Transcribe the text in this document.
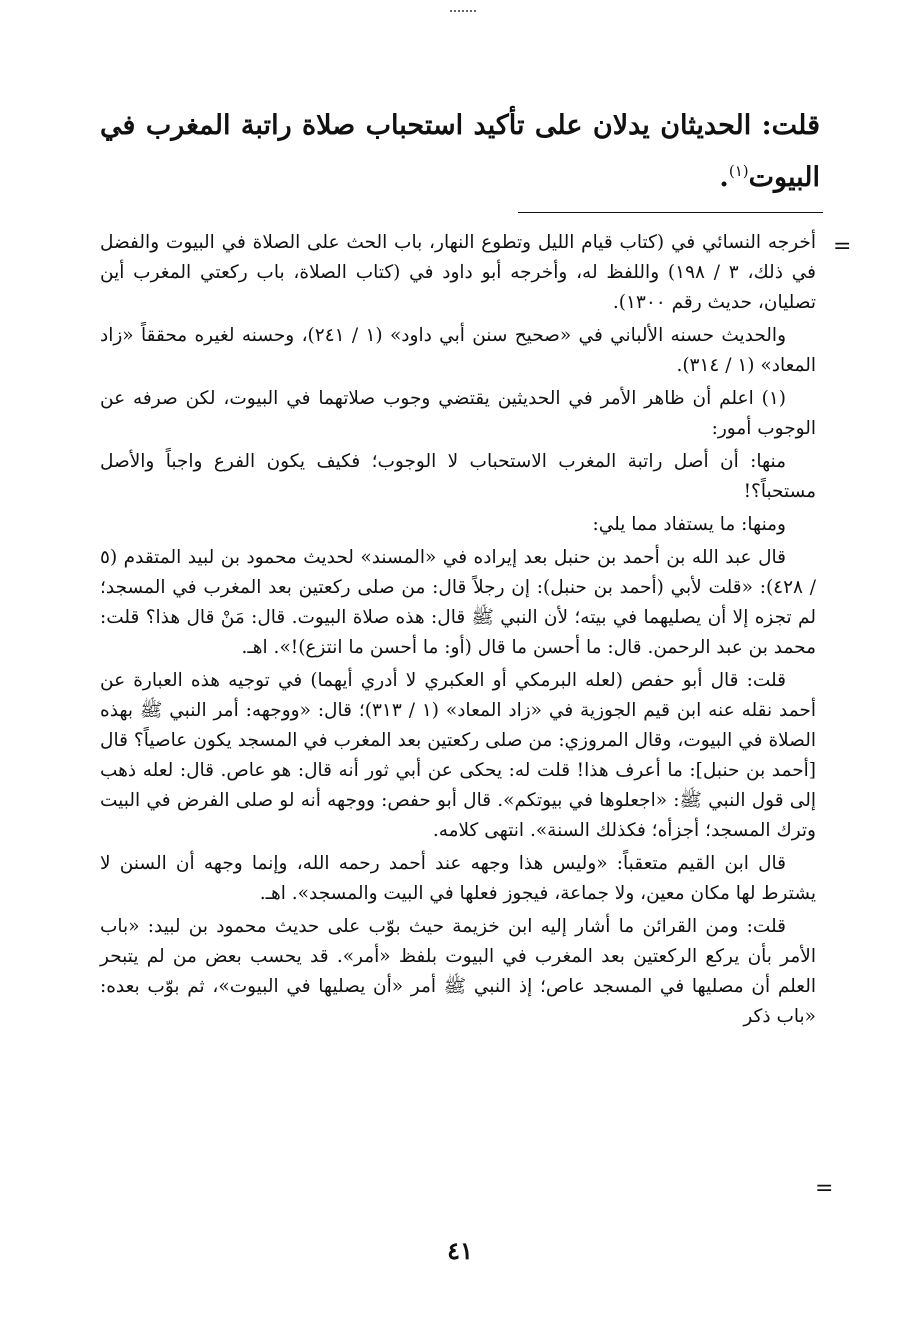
قلت: الحديثان يدلان على تأكيد استحباب صلاة راتبة المغرب في البيوت$^{(١)}$.
=

أخرجه النسائي في (كتاب قيام الليل وتطوع النهار، باب الحث على الصلاة في البيوت والفضل في ذلك، ٣ / ١٩٨) واللفظ له، وأخرجه أبو داود في (كتاب الصلاة، باب ركعتي المغرب أين تصليان، حديث رقم ١٣٠٠).

والحديث حسنه الألباني في «صحيح سنن أبي داود» (١ / ٢٤١)، وحسنه لغيره محققاً «زاد المعاد» (١ / ٣١٤).

(١) اعلم أن ظاهر الأمر في الحديثين يقتضي وجوب صلاتهما في البيوت، لكن صرفه عن الوجوب أمور:

منها: أن أصل راتبة المغرب الاستحباب لا الوجوب؛ فكيف يكون الفرع واجباً والأصل مستحباً؟!

ومنها: ما يستفاد مما يلي:

قال عبد الله بن أحمد بن حنبل بعد إيراده في «المسند» لحديث محمود بن لبيد المتقدم (٥ / ٤٢٨): «قلت لأبي (أحمد بن حنبل): إن رجلاً قال: من صلى ركعتين بعد المغرب في المسجد؛ لم تجزه إلا أن يصليهما في بيته؛ لأن النبي ﷺ قال: هذه صلاة البيوت. قال: مَنْ قال هذا؟ قلت: محمد بن عبد الرحمن. قال: ما أحسن ما قال (أو: ما أحسن ما انتزع)!». اهـ.

قلت: قال أبو حفص (لعله البرمكي أو العكبري لا أدري أيهما) في توجيه هذه العبارة عن أحمد نقله عنه ابن قيم الجوزية في «زاد المعاد» (١ / ٣١٣)؛ قال: «ووجهه: أمر النبي ﷺ بهذه الصلاة في البيوت، وقال المروزي: من صلى ركعتين بعد المغرب في المسجد يكون عاصياً؟ قال [أحمد بن حنبل]: ما أعرف هذا! قلت له: يحكى عن أبي ثور أنه قال: هو عاص. قال: لعله ذهب إلى قول النبي ﷺ: «اجعلوها في بيوتكم». قال أبو حفص: ووجهه أنه لو صلى الفرض في البيت وترك المسجد؛ أجزأه؛ فكذلك السنة». انتهى كلامه.

قال ابن القيم متعقباً: «وليس هذا وجهه عند أحمد رحمه الله، وإنما وجهه أن السنن لا يشترط لها مكان معين، ولا جماعة، فيجوز فعلها في البيت والمسجد». اهـ.

قلت: ومن القرائن ما أشار إليه ابن خزيمة حيث بوّب على حديث محمود بن لبيد: «باب الأمر بأن يركع الركعتين بعد المغرب في البيوت بلفظ «أمر». قد يحسب بعض من لم يتبحر العلم أن مصليها في المسجد عاص؛ إذ النبي ﷺ أمر «أن يصليها في البيوت»، ثم بوّب بعده: «باب ذكر

=
٤١
